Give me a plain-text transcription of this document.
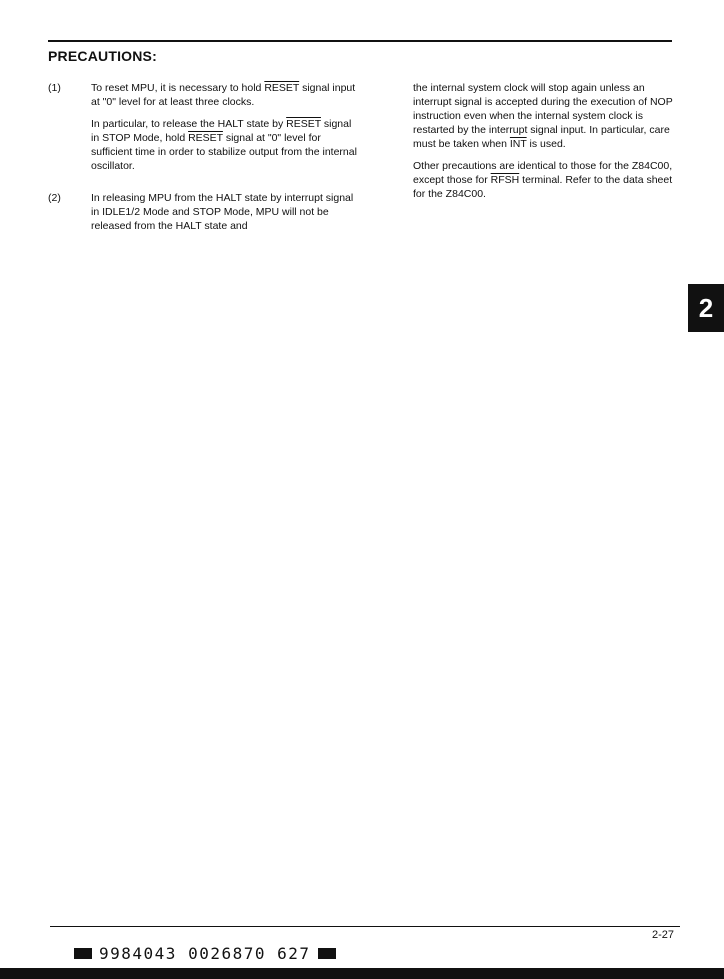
PRECAUTIONS:
(1)	To reset MPU, it is necessary to hold RESET signal input at "0" level for at least three clocks.

In particular, to release the HALT state by RESET signal in STOP Mode, hold RESET signal at "0" level for sufficient time in order to stabilize output from the internal oscillator.

(2)	In releasing MPU from the HALT state by interrupt signal in IDLE1/2 Mode and STOP Mode, MPU will not be released from the HALT state and

the internal system clock will stop again unless an interrupt signal is accepted during the execution of NOP instruction even when the internal system clock is restarted by the interrupt signal input. In particular, care must be taken when $\overline{INT}$ is used.

Other precautions are identical to those for the Z84C00, except those for RFSH terminal. Refer to the data sheet for the Z84C00.

2
2-27
9984043 0026870 627
